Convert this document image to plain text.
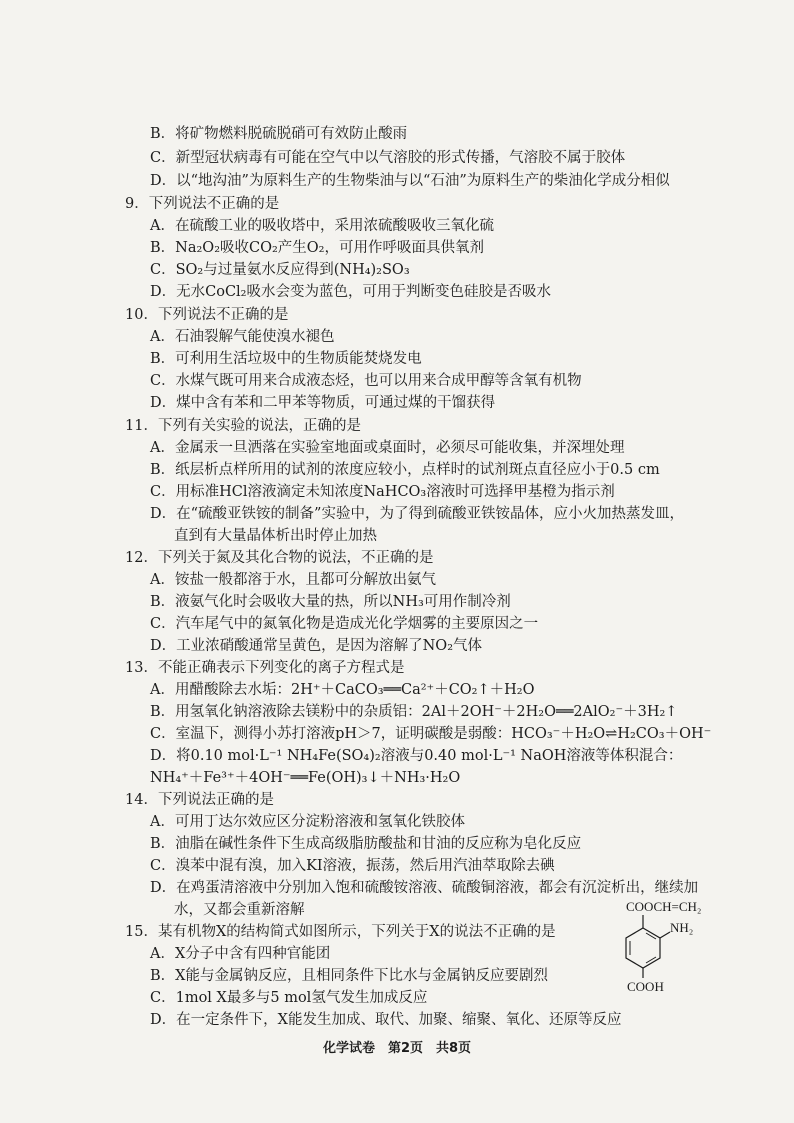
B．将矿物燃料脱硫脱硝可有效防止酸雨
C．新型冠状病毒有可能在空气中以气溶胶的形式传播，气溶胶不属于胶体
D．以“地沟油”为原料生产的生物柴油与以“石油”为原料生产的柴油化学成分相似
9．下列说法不正确的是
A．在硫酸工业的吸收塔中，采用浓硫酸吸收三氧化硫
B．Na₂O₂吸收CO₂产生O₂，可用作呼吸面具供氧剂
C．SO₂与过量氨水反应得到(NH₄)₂SO₃
D．无水CoCl₂吸水会变为蓝色，可用于判断变色硅胶是否吸水
10．下列说法不正确的是
A．石油裂解气能使溴水褪色
B．可利用生活垃圾中的生物质能焚烧发电
C．水煤气既可用来合成液态烃，也可以用来合成甲醇等含氧有机物
D．煤中含有苯和二甲苯等物质，可通过煤的干馏获得
11．下列有关实验的说法，正确的是
A．金属汞一旦洒落在实验室地面或桌面时，必须尽可能收集，并深埋处理
B．纸层析点样所用的试剂的浓度应较小，点样时的试剂斑点直径应小于0.5 cm
C．用标准HCl溶液滴定未知浓度NaHCO₃溶液时可选择甲基橙为指示剂
D．在“硫酸亚铁铵的制备”实验中，为了得到硫酸亚铁铵晶体，应小火加热蒸发皿，
直到有大量晶体析出时停止加热
12．下列关于氮及其化合物的说法，不正确的是
A．铵盐一般都溶于水，且都可分解放出氨气
B．液氨气化时会吸收大量的热，所以NH₃可用作制冷剂
C．汽车尾气中的氮氧化物是造成光化学烟雾的主要原因之一
D．工业浓硝酸通常呈黄色，是因为溶解了NO₂气体
13．不能正确表示下列变化的离子方程式是
A．用醋酸除去水垢：2H⁺＋CaCO₃══Ca²⁺＋CO₂↑＋H₂O
B．用氢氧化钠溶液除去镁粉中的杂质铝：2Al＋2OH⁻＋2H₂O══2AlO₂⁻＋3H₂↑
C．室温下，测得小苏打溶液pH＞7，证明碳酸是弱酸：HCO₃⁻＋H₂O⇌H₂CO₃＋OH⁻
D．将0.10 mol·L⁻¹ NH₄Fe(SO₄)₂溶液与0.40 mol·L⁻¹ NaOH溶液等体积混合：
NH₄⁺＋Fe³⁺＋4OH⁻══Fe(OH)₃↓＋NH₃·H₂O
14．下列说法正确的是
A．可用丁达尔效应区分淀粉溶液和氢氧化铁胶体
B．油脂在碱性条件下生成高级脂肪酸盐和甘油的反应称为皂化反应
C．溴苯中混有溴，加入KI溶液，振荡，然后用汽油萃取除去碘
D．在鸡蛋清溶液中分别加入饱和硫酸铵溶液、硫酸铜溶液，都会有沉淀析出，继续加
水，又都会重新溶解
15．某有机物X的结构简式如图所示，下列关于X的说法不正确的是
A．X分子中含有四种官能团
B．X能与金属钠反应，且相同条件下比水与金属钠反应要剧烈
C．1mol X最多与5 mol氢气发生加成反应
D．在一定条件下，X能发生加成、取代、加聚、缩聚、氧化、还原等反应
COOCH=CH₂
NH₂
COOH
化学试卷　第2页　共8页
